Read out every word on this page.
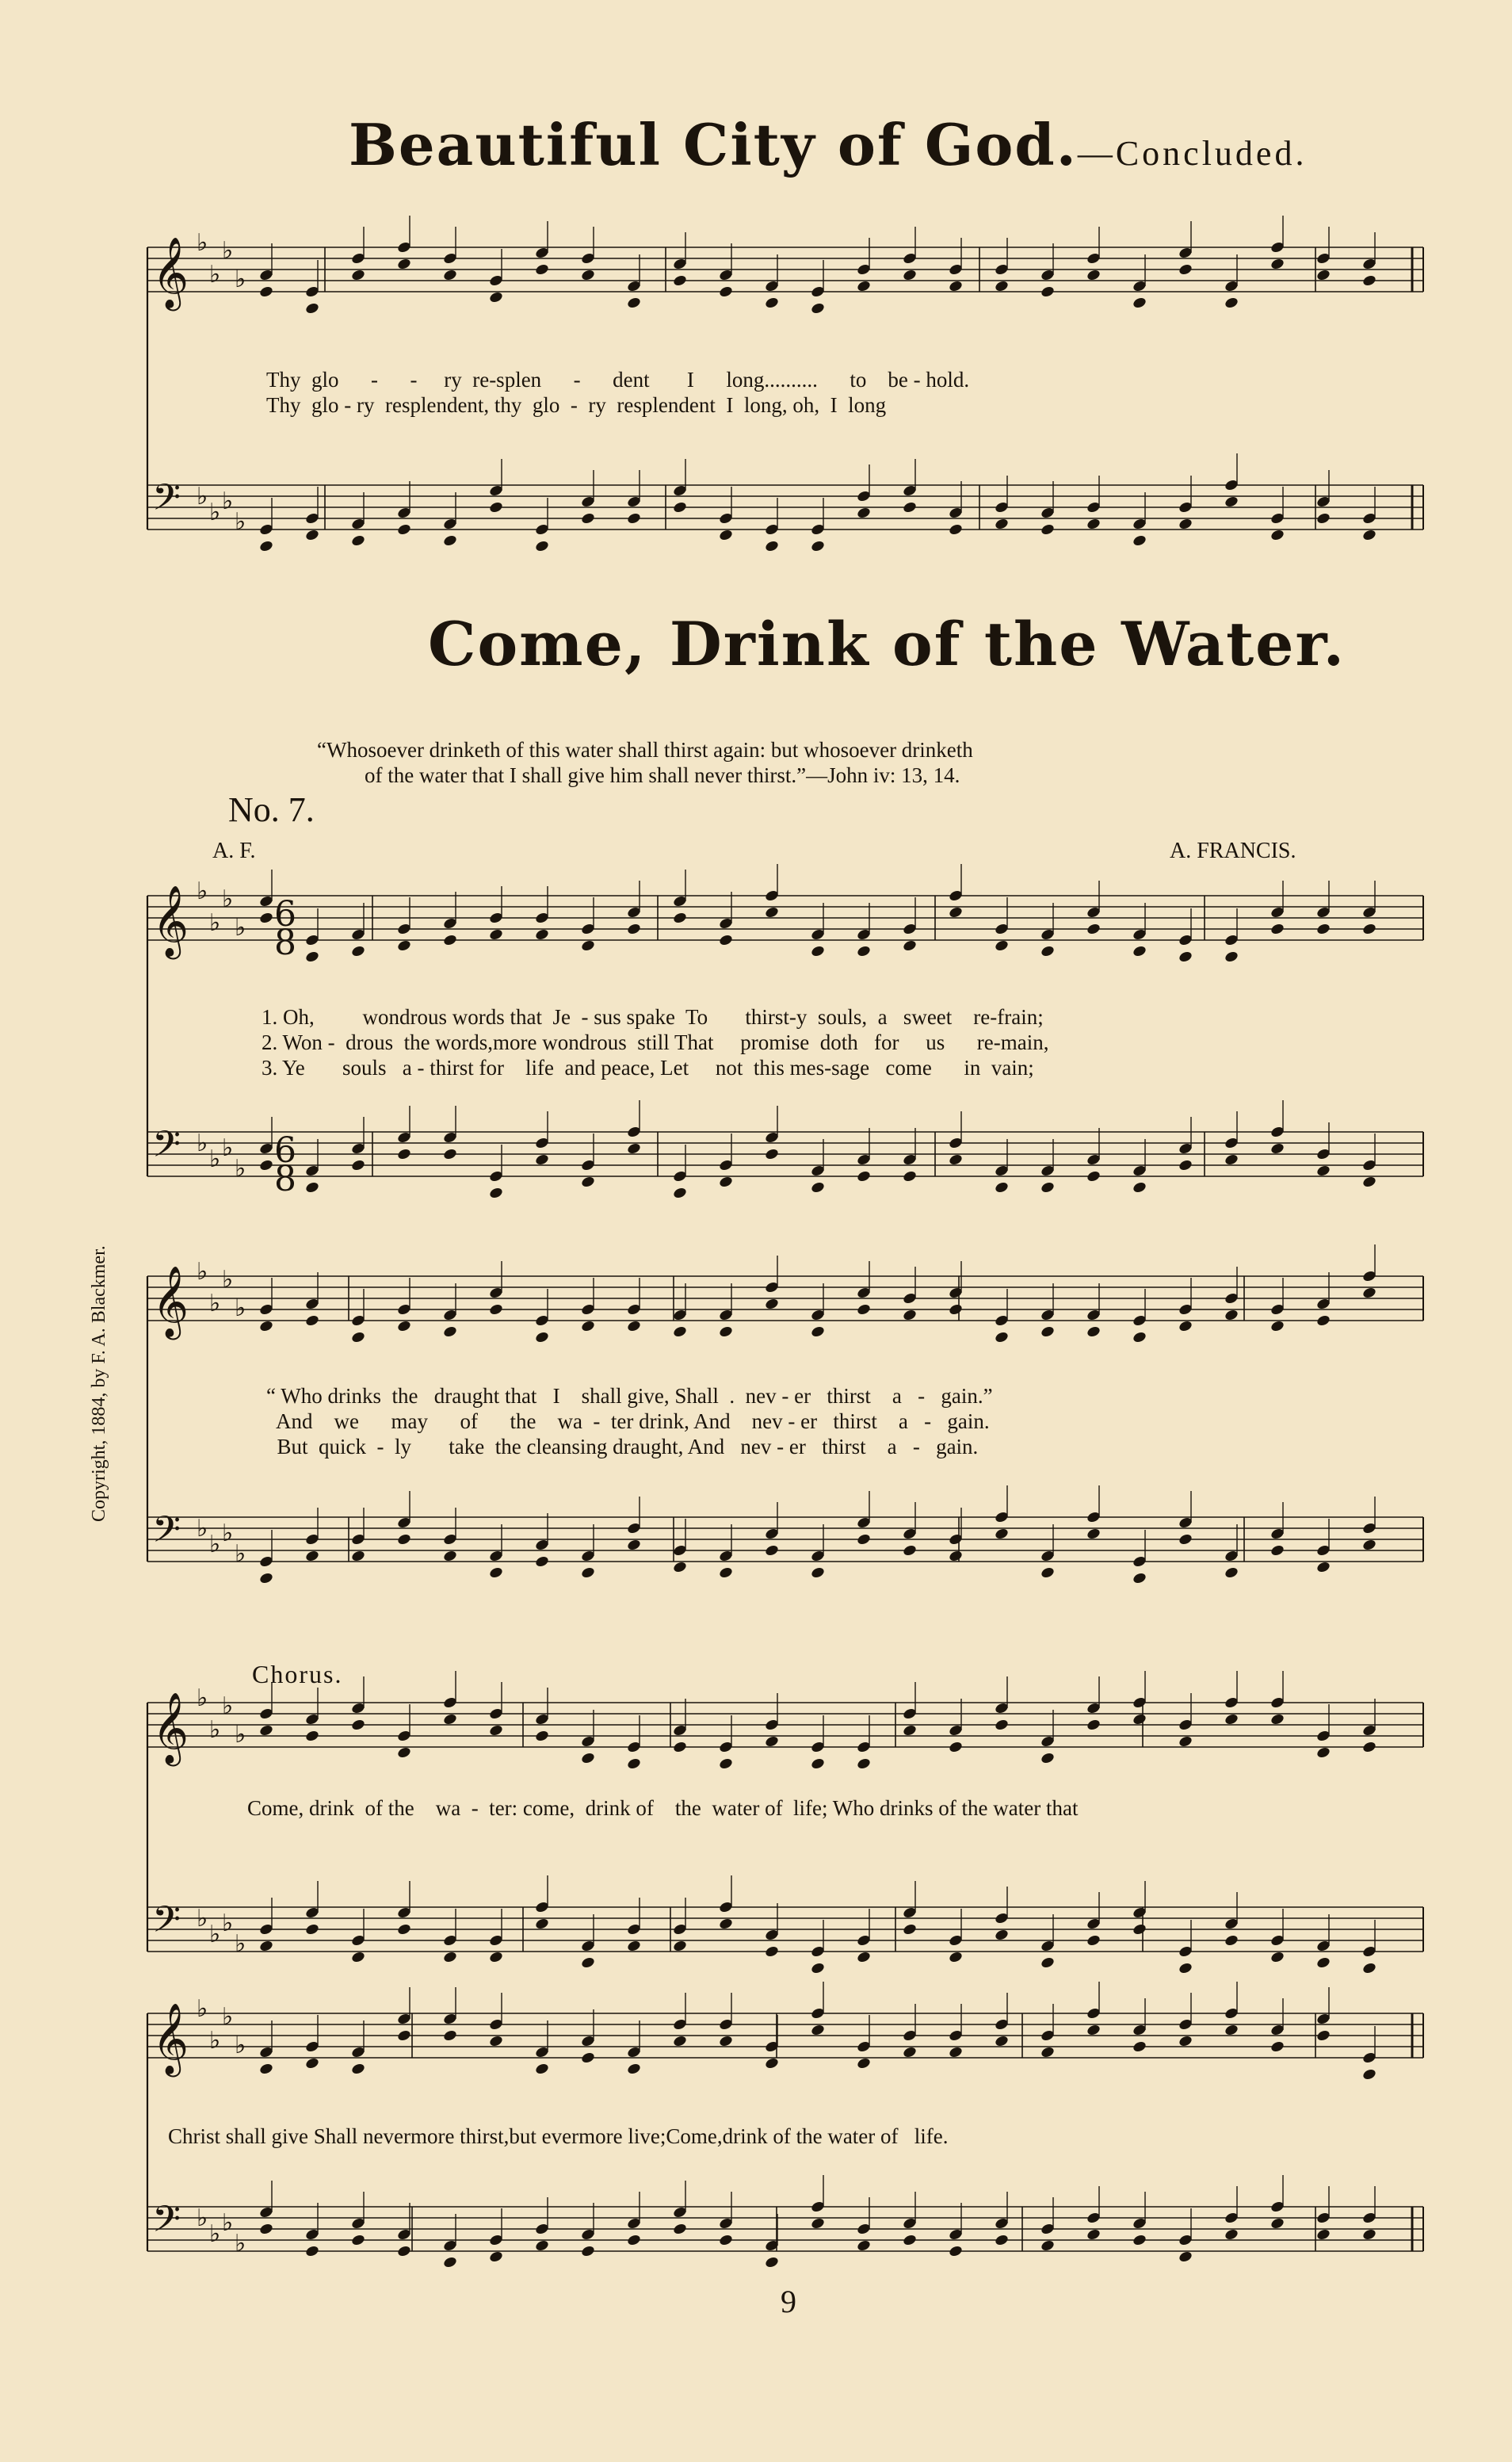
Beautiful City of God.—Concluded.
Come, Drink of the Water.
“Whosoever drinketh of this water shall thirst again: but whosoever drinketh
of the water that I shall give him shall never thirst.”—John iv: 13, 14.
No. 7.
A. F.	A. FRANCIS.
Chorus.
Copyright, 1884, by F. A. Blackmer.
9
Thy  glo      -      -     ry  re-splen      -      dent       I      long..........      to    be - hold.
Thy  glo - ry  resplendent, thy  glo  -  ry  resplendent  I  long, oh,  I  long
1. Oh,         wondrous words that  Je  - sus spake  To       thirst-y  souls,  a   sweet    re-frain;
2. Won -  drous  the words,more wondrous  still That     promise  doth   for     us      re-main,
3. Ye       souls   a - thirst for    life  and peace, Let     not  this mes-sage   come      in  vain;
“ Who drinks  the   draught that   I    shall give, Shall  .  nev - er   thirst    a   -   gain.”
And    we      may      of      the    wa  -  ter drink, And    nev - er   thirst    a   -   gain.
But  quick  -  ly       take  the cleansing draught, And   nev - er   thirst    a   -   gain.
Come, drink  of the    wa  -  ter: come,  drink of    the  water of  life; Who drinks of the water that
Christ shall give Shall nevermore thirst,but evermore live;Come,drink of the water of   life.
𝄞 ♭
♭
♭
♭
𝄢 ♭
♭ ♭
♭
𝄞 ♭
♭
♭
♭
𝄢 ♭
♭ ♭
♭
𝄞 ♭
♭
♭
♭
𝄢 ♭
♭ ♭
♭
𝄞 ♭
♭
♭
♭
𝄢 ♭
♭ ♭
♭
𝄞 ♭
♭
♭
♭
𝄢 ♭
♭ ♭
♭
6
8
6
8
